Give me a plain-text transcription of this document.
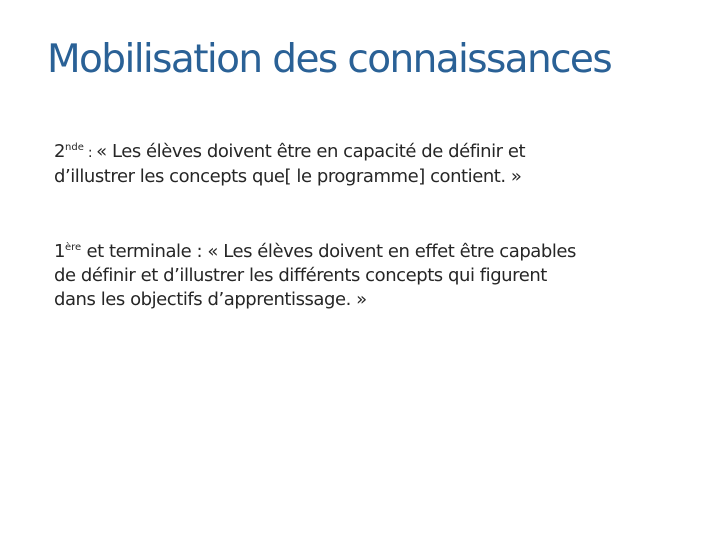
Mobilisation des connaissances

2nde : « Les élèves doivent être en capacité de définir et
d’illustrer les concepts que[ le programme] contient. »

1ère et terminale : « Les élèves doivent en effet être capables
de définir et d’illustrer les différents concepts qui figurent
dans les objectifs d’apprentissage. »
